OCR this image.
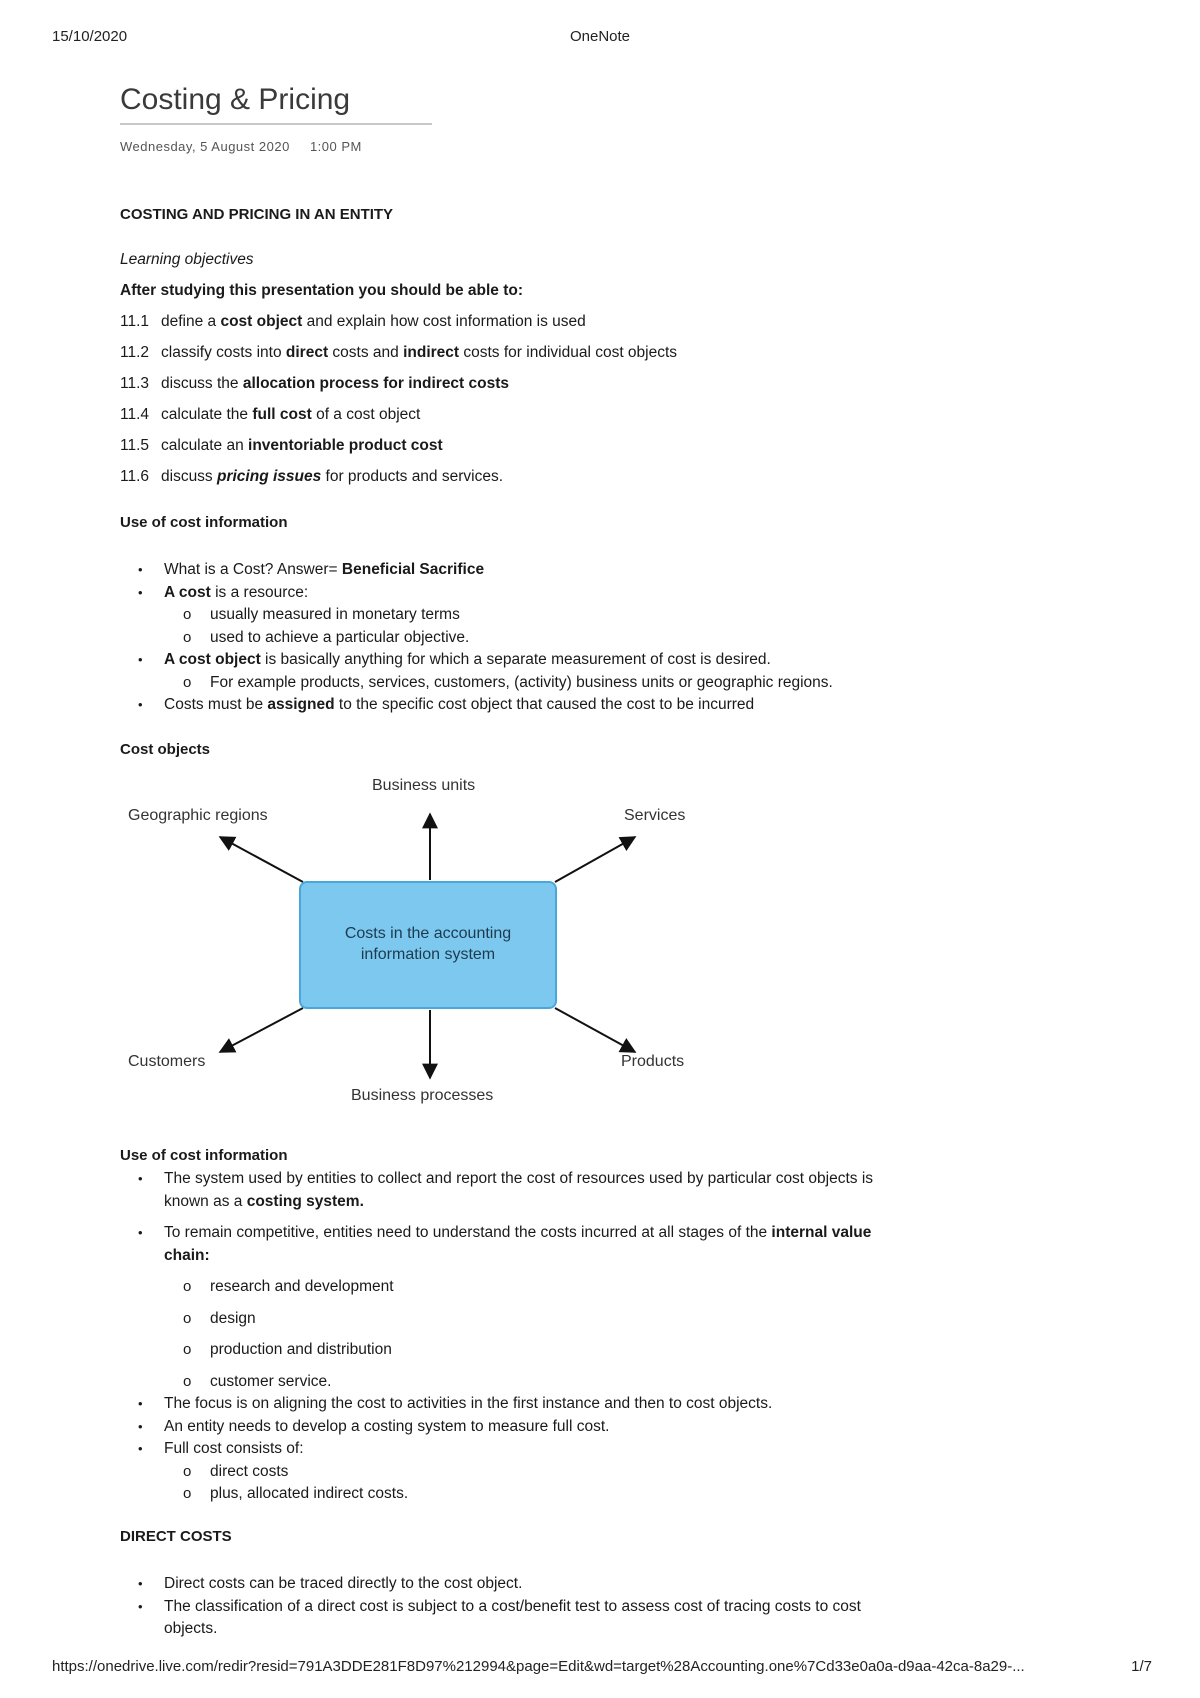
15/10/2020	OneNote
Costing & Pricing
Wednesday, 5 August 2020 1:00 PM
COSTING AND PRICING IN AN ENTITY
Learning objectives
After studying this presentation you should be able to:
11.1 define a cost object and explain how cost information is used
11.2 classify costs into direct costs and indirect costs for individual cost objects
11.3 discuss the allocation process for indirect costs
11.4 calculate the full cost of a cost object
11.5 calculate an inventoriable product cost
11.6 discuss pricing issues for products and services.
Use of cost information
• What is a Cost? Answer= Beneficial Sacrifice
• A cost is a resource:
o usually measured in monetary terms
o used to achieve a particular objective.
• A cost object is basically anything for which a separate measurement of cost is desired.
o For example products, services, customers, (activity) business units or geographic regions.
• Costs must be assigned to the specific cost object that caused the cost to be incurred
Cost objects
Use of cost information
• The system used by entities to collect and report the cost of resources used by particular cost objects is known as a costing system.
• To remain competitive, entities need to understand the costs incurred at all stages of the internal value chain:
o research and development
o design
o production and distribution
o customer service.
• The focus is on aligning the cost to activities in the first instance and then to cost objects.
• An entity needs to develop a costing system to measure full cost.
• Full cost consists of:
o direct costs
o plus, allocated indirect costs.
DIRECT COSTS
• Direct costs can be traced directly to the cost object.
• The classification of a direct cost is subject to a cost/benefit test to assess cost of tracing costs to cost objects.
Costs in the accounting information system
Business units
Geographic regions	Services
Customers	Products
Business processes
https://onedrive.live.com/redir?resid=791A3DDE281F8D97%212994&page=Edit&wd=target%28Accounting.one%7Cd33e0a0a-d9aa-42ca-8a29-...	1/7
